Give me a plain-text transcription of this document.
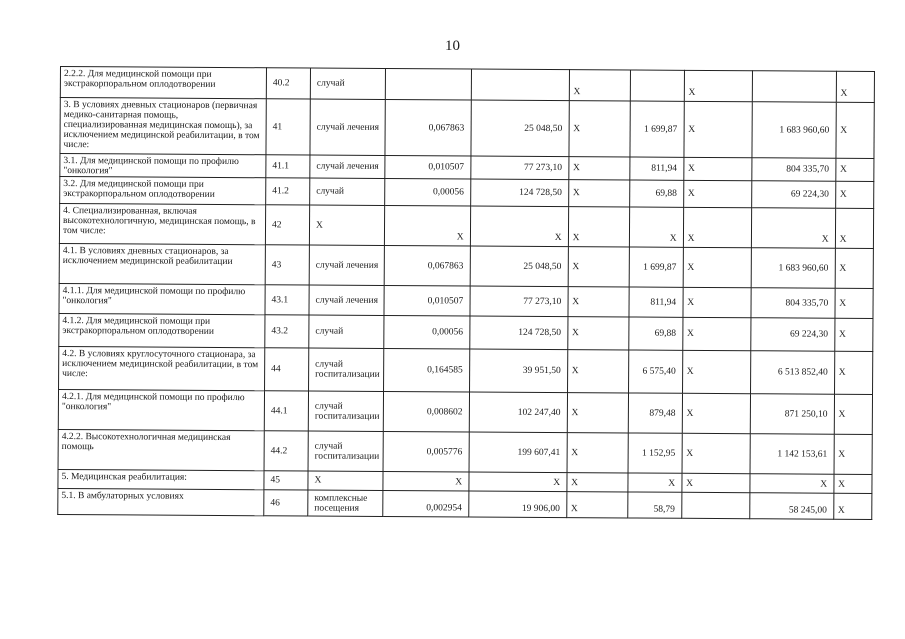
10
2.2.2. Для медицинской помощи при экстракорпоральном оплодотворении	40.2	случай			Х		Х		Х
3. В условиях дневных стационаров (первичная медико-санитарная помощь, специализированная медицинская помощь), за исключением медицинской реабилитации, в том числе:	41	случай лечения	0,067863	25 048,50	Х	1 699,87	Х	1 683 960,60	Х
3.1. Для медицинской помощи по профилю "онкология"	41.1	случай лечения	0,010507	77 273,10	Х	811,94	Х	804 335,70	Х
3.2. Для медицинской помощи при экстракорпоральном оплодотворении	41.2	случай	0,00056	124 728,50	Х	69,88	Х	69 224,30	Х
4. Специализированная, включая высокотехнологичную, медицинская помощь, в том числе:	42	Х	Х	Х	Х	Х	Х	Х	Х
4.1. В условиях дневных стационаров, за исключением медицинской реабилитации	43	случай лечения	0,067863	25 048,50	Х	1 699,87	Х	1 683 960,60	Х
4.1.1. Для медицинской помощи по профилю "онкология"	43.1	случай лечения	0,010507	77 273,10	Х	811,94	Х	804 335,70	Х
4.1.2. Для медицинской помощи при экстракорпоральном оплодотворении	43.2	случай	0,00056	124 728,50	Х	69,88	Х	69 224,30	Х
4.2. В условиях круглосуточного стационара, за исключением медицинской реабилитации, в том числе:	44	случай госпитализации	0,164585	39 951,50	Х	6 575,40	Х	6 513 852,40	Х
4.2.1. Для медицинской помощи по профилю "онкология"	44.1	случай госпитализации	0,008602	102 247,40	Х	879,48	Х	871 250,10	Х
4.2.2. Высокотехнологичная медицинская помощь	44.2	случай госпитализации	0,005776	199 607,41	Х	1 152,95	Х	1 142 153,61	Х
5. Медицинская реабилитация:	45	Х	Х	Х	Х	Х	Х	Х	Х
5.1. В амбулаторных условиях	46	комплексные посещения	0,002954	19 906,00	Х	58,79		58 245,00	Х
